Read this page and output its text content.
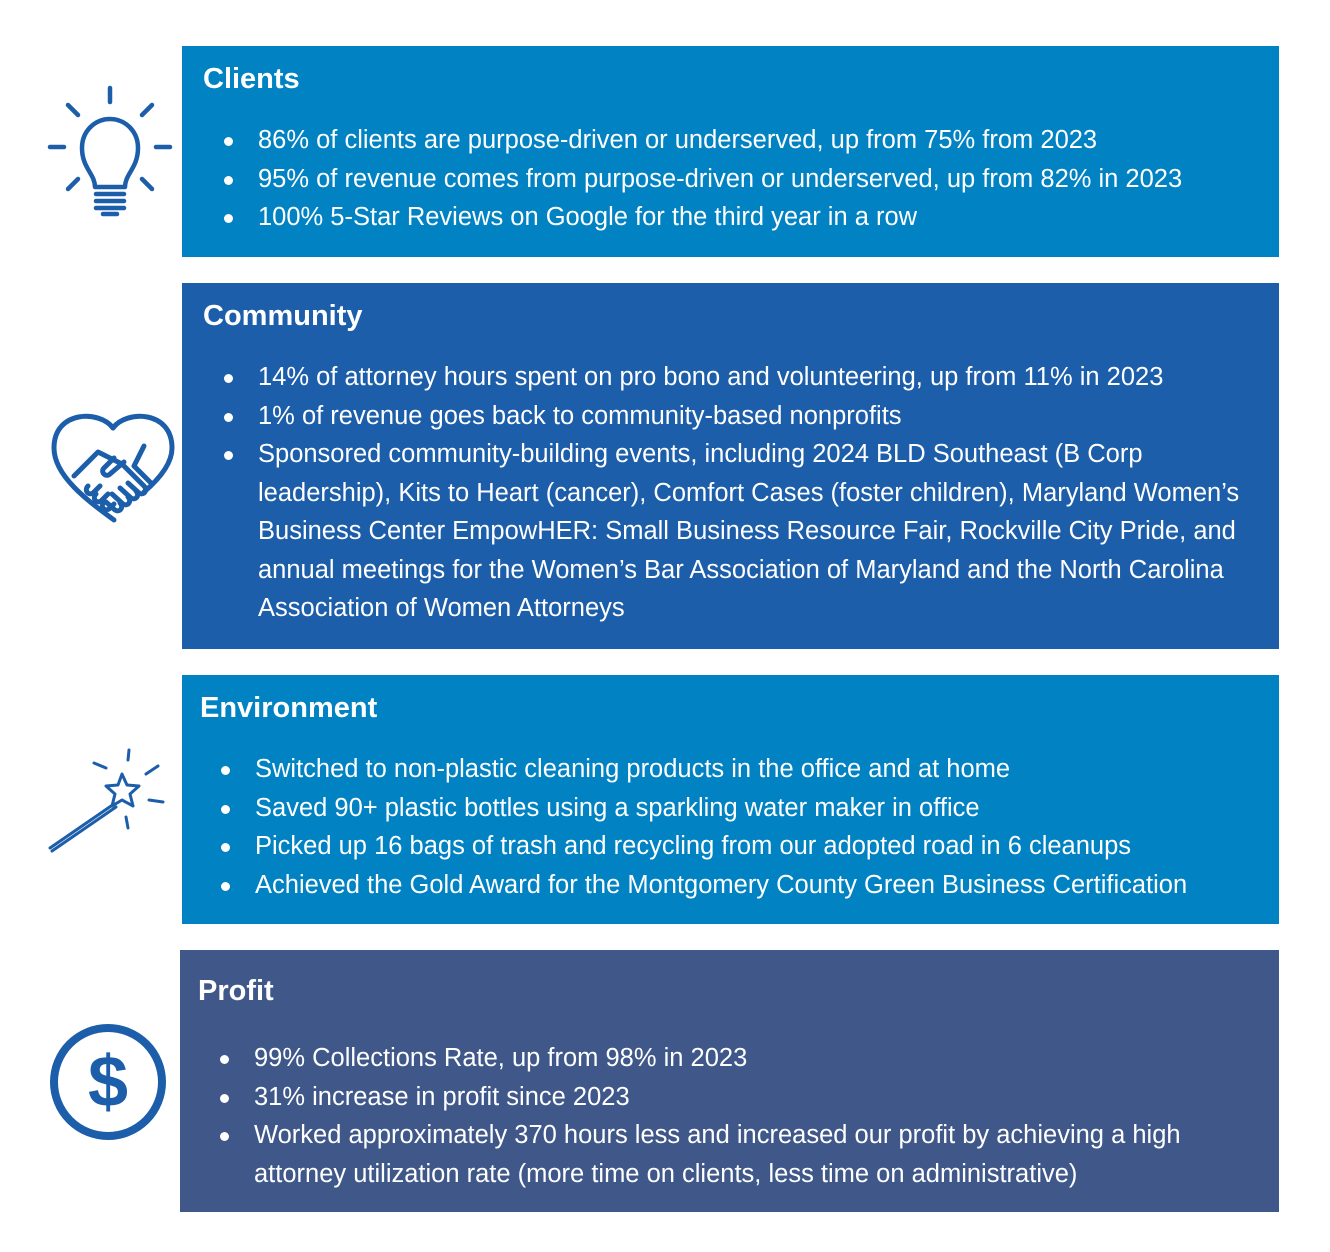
$
Clients
86% of clients are purpose-driven or underserved, up from 75% from 2023
95% of revenue comes from purpose-driven or underserved, up from 82% in 2023
100% 5-Star Reviews on Google for the third year in a row
Community
14% of attorney hours spent on pro bono and volunteering, up from 11% in 2023
1% of revenue goes back to community-based nonprofits
Sponsored community-building events, including 2024 BLD Southeast (B Corp leadership), Kits to Heart (cancer), Comfort Cases (foster children), Maryland Women’s Business Center EmpowHER: Small Business Resource Fair, Rockville City Pride, and annual meetings for the Women’s Bar Association of Maryland and the North Carolina Association of Women Attorneys
Environment
Switched to non-plastic cleaning products in the office and at home
Saved 90+ plastic bottles using a sparkling water maker in office
Picked up 16 bags of trash and recycling from our adopted road in 6 cleanups
Achieved the Gold Award for the Montgomery County Green Business Certification
Profit
99% Collections Rate, up from 98% in 2023
31% increase in profit since 2023
Worked approximately 370 hours less and increased our profit by achieving a high attorney utilization rate (more time on clients, less time on administrative)
